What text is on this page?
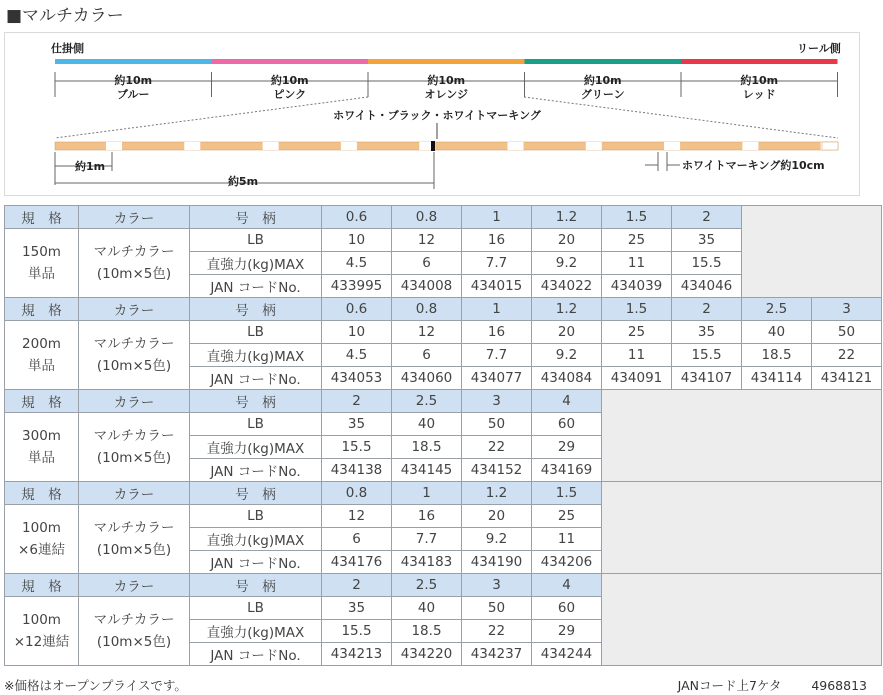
■マルチカラー
仕掛側	リール側
約10m
ブルー
約10m
ピンク
約10m
オレンジ
約10m
グリーン
約10m
レッド
ホワイト・ブラック・ホワイトマーキング
約1m
約5m
ホワイトマーキング約10cm
規　格	カラー	号　柄	0.6	0.8	1	1.2	1.5	2		
150m
単品	マルチカラー
(10m×5色)	LB	10	12	16	20	25	35		
		直強力(kg)MAX	4.5	6	7.7	9.2	11	15.5		
		JAN コードNo.	433995	434008	434015	434022	434039	434046		
規　格	カラー	号　柄	0.6	0.8	1	1.2	1.5	2	2.5	3
200m
単品	マルチカラー
(10m×5色)	LB	10	12	16	20	25	35	40	50
		直強力(kg)MAX	4.5	6	7.7	9.2	11	15.5	18.5	22
		JAN コードNo.	434053	434060	434077	434084	434091	434107	434114	434121
規　格	カラー	号　柄	2	2.5	3	4				
300m
単品	マルチカラー
(10m×5色)	LB	35	40	50	60				
		直強力(kg)MAX	15.5	18.5	22	29				
		JAN コードNo.	434138	434145	434152	434169				
規　格	カラー	号　柄	0.8	1	1.2	1.5				
100m
×6連結	マルチカラー
(10m×5色)	LB	12	16	20	25				
		直強力(kg)MAX	6	7.7	9.2	11				
		JAN コードNo.	434176	434183	434190	434206				
規　格	カラー	号　柄	2	2.5	3	4				
100m
×12連結	マルチカラー
(10m×5色)	LB	35	40	50	60				
		直強力(kg)MAX	15.5	18.5	22	29				
		JAN コードNo.	434213	434220	434237	434244				
※価格はオープンプライスです。	JANコード上7ケタ 4968813
